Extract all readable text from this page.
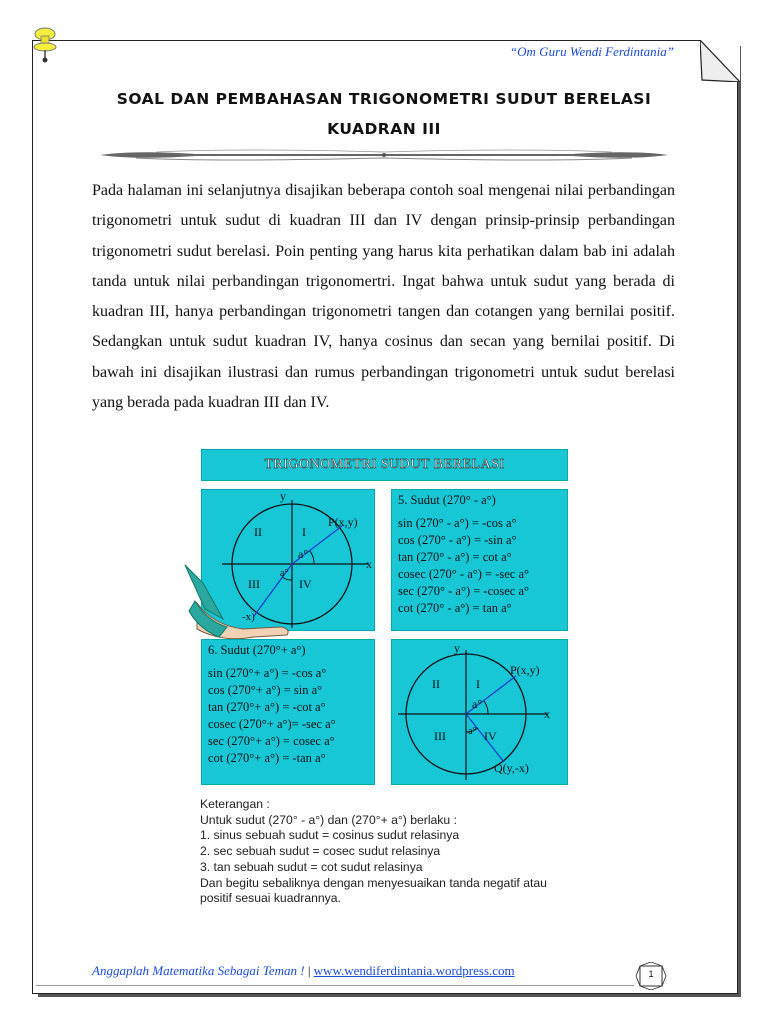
“Om Guru Wendi Ferdintania”
SOAL DAN PEMBAHASAN TRIGONOMETRI SUDUT BERELASI
KUADRAN III

Pada halaman ini selanjutnya disajikan beberapa contoh soal mengenai nilai perbandingan trigonometri untuk sudut di kuadran III dan IV dengan prinsip-prinsip perbandingan trigonometri sudut berelasi. Poin penting yang harus kita perhatikan dalam bab ini adalah tanda untuk nilai perbandingan trigonomertri. Ingat bahwa untuk sudut yang berada di kuadran III, hanya perbandingan trigonometri tangen dan cotangen yang bernilai positif. Sedangkan untuk sudut kuadran IV, hanya cosinus dan secan yang bernilai positif. Di bawah ini disajikan ilustrasi dan rumus perbandingan trigonometri untuk sudut berelasi yang berada pada kuadran III dan IV.

TRIGONOMETRI SUDUT BERELASI
y
x
I
II
III	IV
P(x,y)
a°
a°
-x)
5. Sudut (270° - a°)
sin (270° - a°) = -cos a°
cos (270° - a°) = -sin a°
tan (270° - a°) = cot a°
cosec (270° - a°) = -sec a°
sec (270° - a°) = -cosec a°
cot (270° - a°) = tan a°
6. Sudut (270°+ a°)
sin (270°+ a°) = -cos a°
cos (270°+ a°) = sin a°
tan (270°+ a°) = -cot a°
cosec (270°+ a°)= -sec a°
sec (270°+ a°) = cosec a°
cot (270°+ a°) = -tan a°
y
x
I
II
III	IV
P(x,y)
a°
a°
Q(y,-x)
Keterangan :
Untuk sudut (270° - a°) dan (270°+ a°) berlaku :
1. sinus sebuah sudut = cosinus sudut relasinya
2. sec sebuah sudut = cosec sudut relasinya
3. tan sebuah sudut = cot sudut relasinya
Dan begitu sebaliknya dengan menyesuaikan tanda negatif atau
positif sesuai kuadrannya.
Anggaplah Matematika Sebagai Teman ! | www.wendiferdintania.wordpress.com	1
